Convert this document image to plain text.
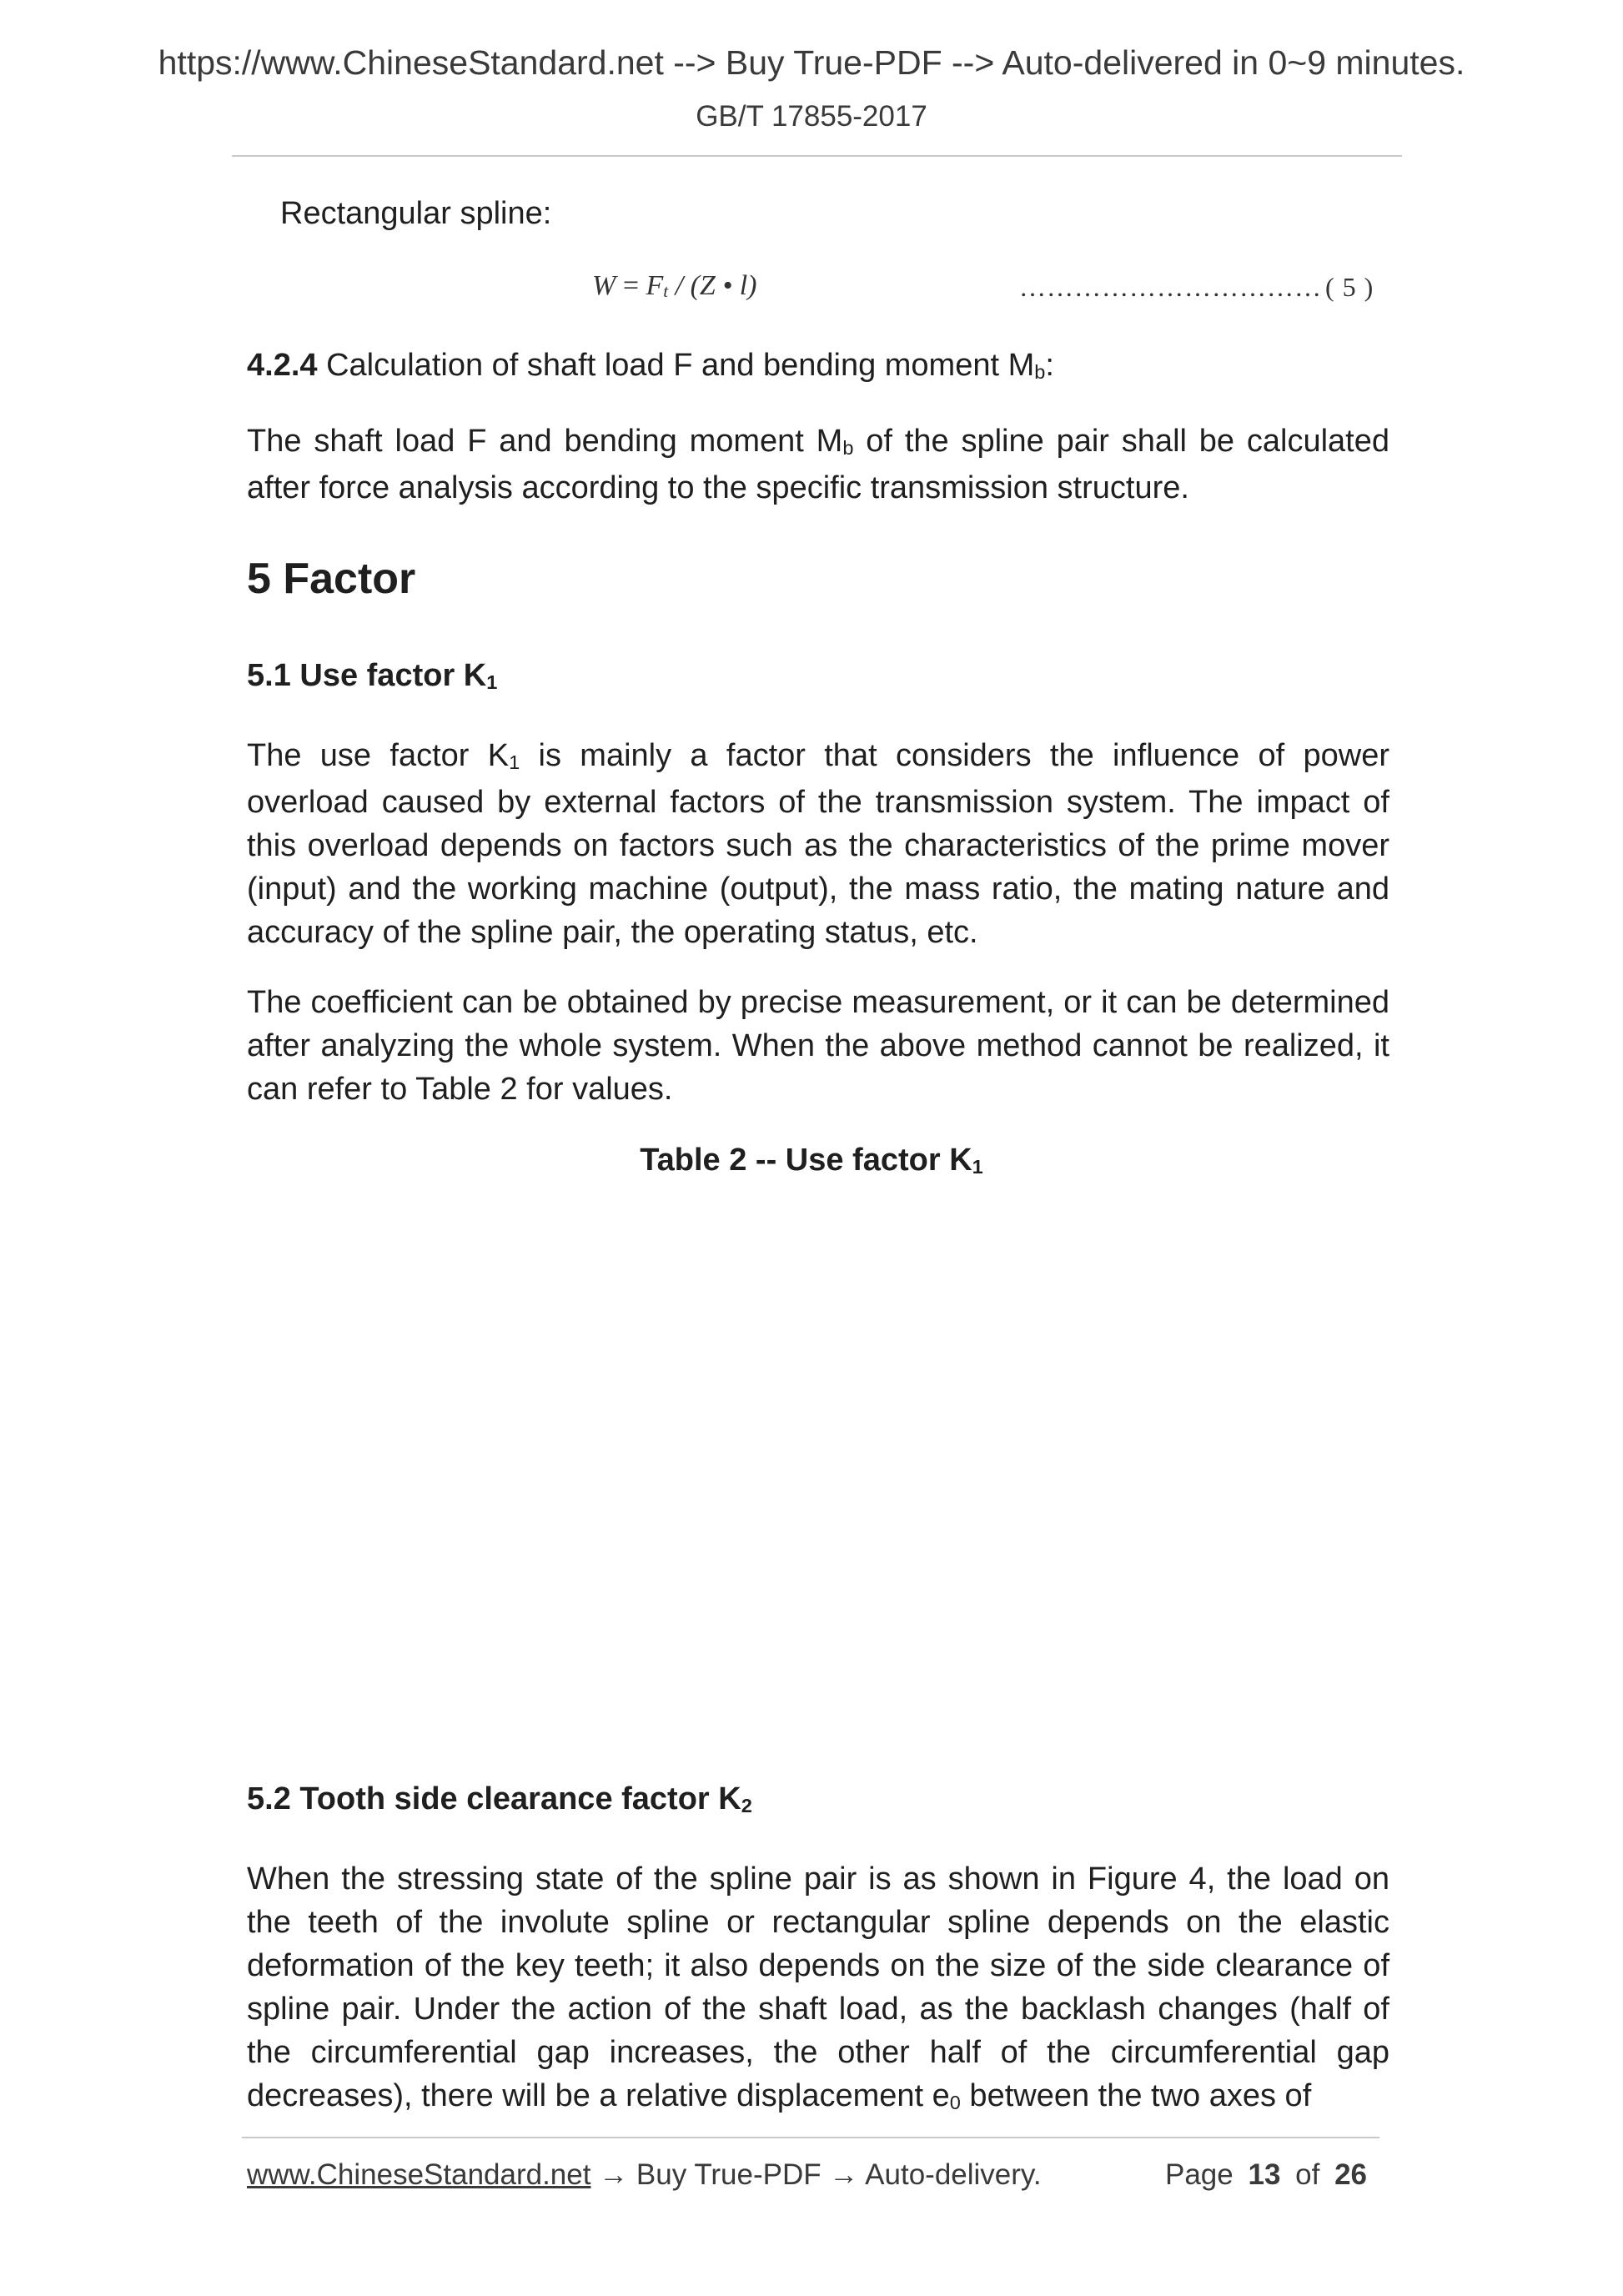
https://www.ChineseStandard.net --> Buy True-PDF --> Auto-delivered in 0~9 minutes.
GB/T 17855-2017
Rectangular spline:
$W = F_t / (Z$ • l)	…………………………… ( 5 )
4.2.4 Calculation of shaft load F and bending moment $M_b$:
The shaft load F and bending moment $M_b$ of the spline pair shall be calculated after force analysis according to the specific transmission structure.
5 Factor
5.1 Use factor $K_1$
The use factor $K_1$ is mainly a factor that considers the influence of power overload caused by external factors of the transmission system. The impact of this overload depends on factors such as the characteristics of the prime mover (input) and the working machine (output), the mass ratio, the mating nature and accuracy of the spline pair, the operating status, etc.
The coefficient can be obtained by precise measurement, or it can be determined after analyzing the whole system. When the above method cannot be realized, it can refer to Table 2 for values.
Table 2 -- Use factor $K_1$
5.2 Tooth side clearance factor $K_2$
When the stressing state of the spline pair is as shown in Figure 4, the load on the teeth of the involute spline or rectangular spline depends on the elastic deformation of the key teeth; it also depends on the size of the side clearance of spline pair. Under the action of the shaft load, as the backlash changes (half of the circumferential gap increases, the other half of the circumferential gap decreases), there will be a relative displacement $e_0$ between the two axes of
www.ChineseStandard.net → Buy True-PDF → Auto-delivery.	Page 13 of 26
